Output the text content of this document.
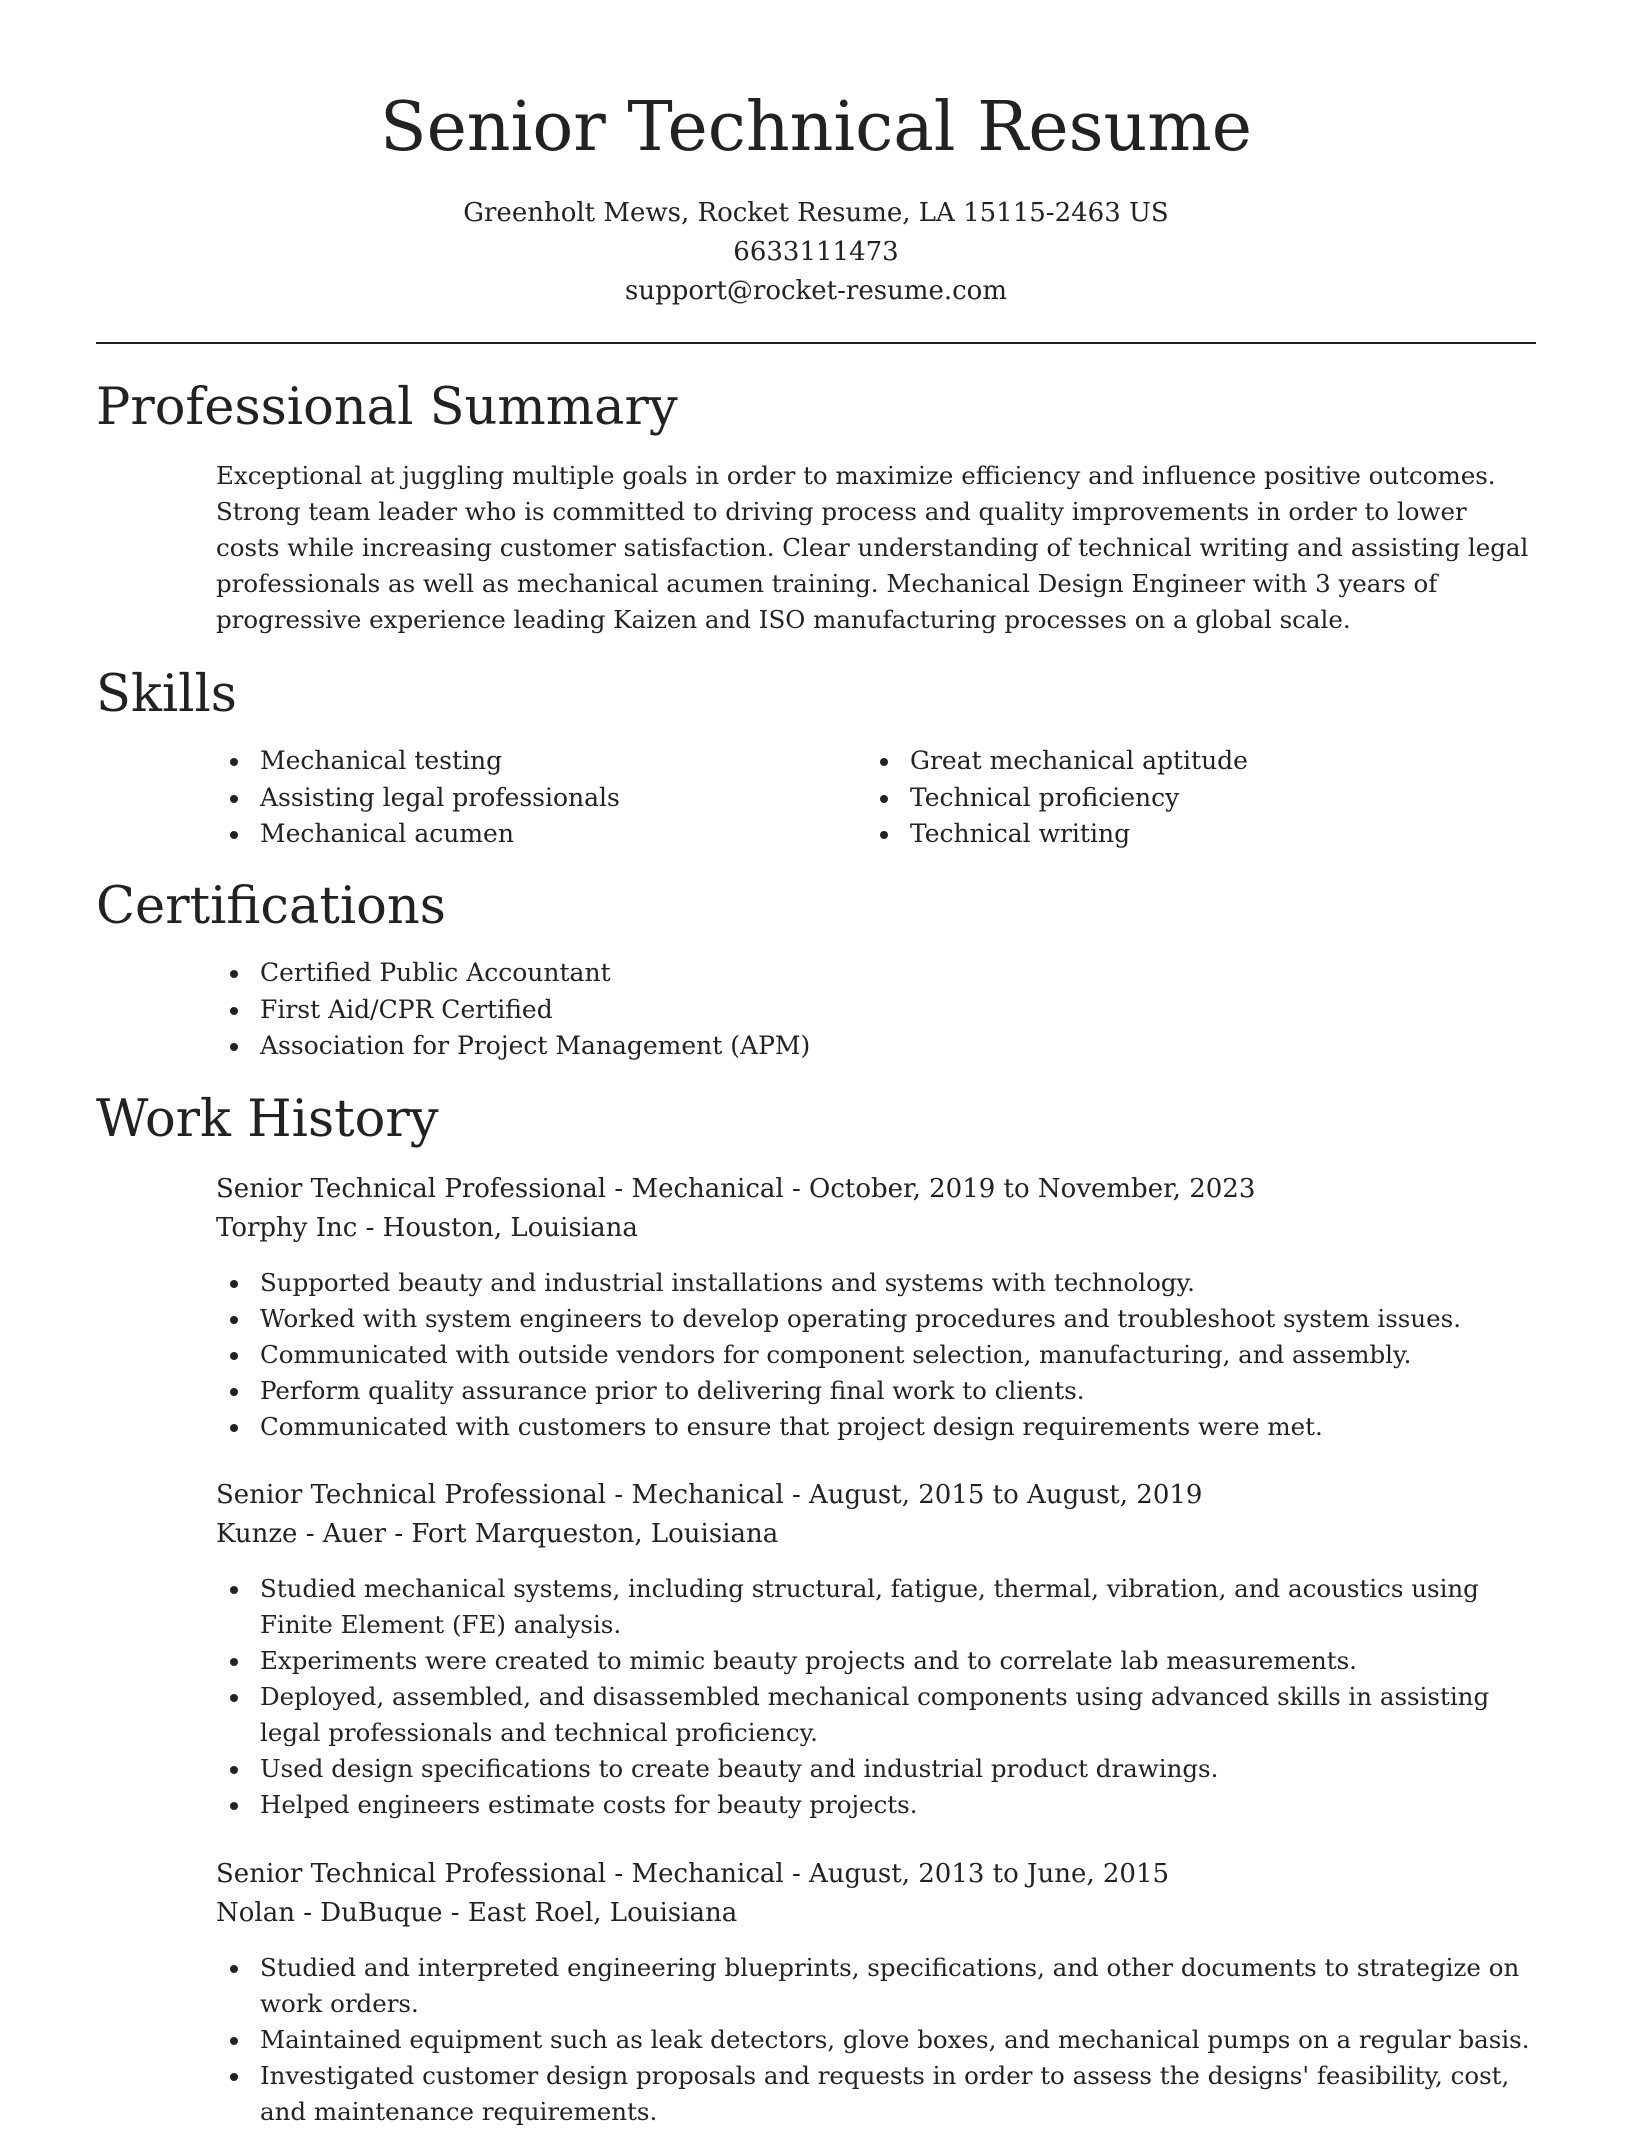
Senior Technical Resume
Greenholt Mews, Rocket Resume, LA 15115-2463 US
6633111473
support@rocket-resume.com
Professional Summary
Exceptional at juggling multiple goals in order to maximize efficiency and influence positive outcomes. Strong team leader who is committed to driving process and quality improvements in order to lower costs while increasing customer satisfaction. Clear understanding of technical writing and assisting legal professionals as well as mechanical acumen training. Mechanical Design Engineer with 3 years of progressive experience leading Kaizen and ISO manufacturing processes on a global scale.
Skills
Mechanical testing
Assisting legal professionals
Mechanical acumen
Great mechanical aptitude
Technical proficiency
Technical writing
Certifications
Certified Public Accountant
First Aid/CPR Certified
Association for Project Management (APM)
Work History
Senior Technical Professional - Mechanical - October, 2019 to November, 2023
Torphy Inc - Houston, Louisiana
Supported beauty and industrial installations and systems with technology.
Worked with system engineers to develop operating procedures and troubleshoot system issues.
Communicated with outside vendors for component selection, manufacturing, and assembly.
Perform quality assurance prior to delivering final work to clients.
Communicated with customers to ensure that project design requirements were met.
Senior Technical Professional - Mechanical - August, 2015 to August, 2019
Kunze - Auer - Fort Marqueston, Louisiana
Studied mechanical systems, including structural, fatigue, thermal, vibration, and acoustics using Finite Element (FE) analysis.
Experiments were created to mimic beauty projects and to correlate lab measurements.
Deployed, assembled, and disassembled mechanical components using advanced skills in assisting legal professionals and technical proficiency.
Used design specifications to create beauty and industrial product drawings.
Helped engineers estimate costs for beauty projects.
Senior Technical Professional - Mechanical - August, 2013 to June, 2015
Nolan - DuBuque - East Roel, Louisiana
Studied and interpreted engineering blueprints, specifications, and other documents to strategize on work orders.
Maintained equipment such as leak detectors, glove boxes, and mechanical pumps on a regular basis.
Investigated customer design proposals and requests in order to assess the designs' feasibility, cost, and maintenance requirements.
